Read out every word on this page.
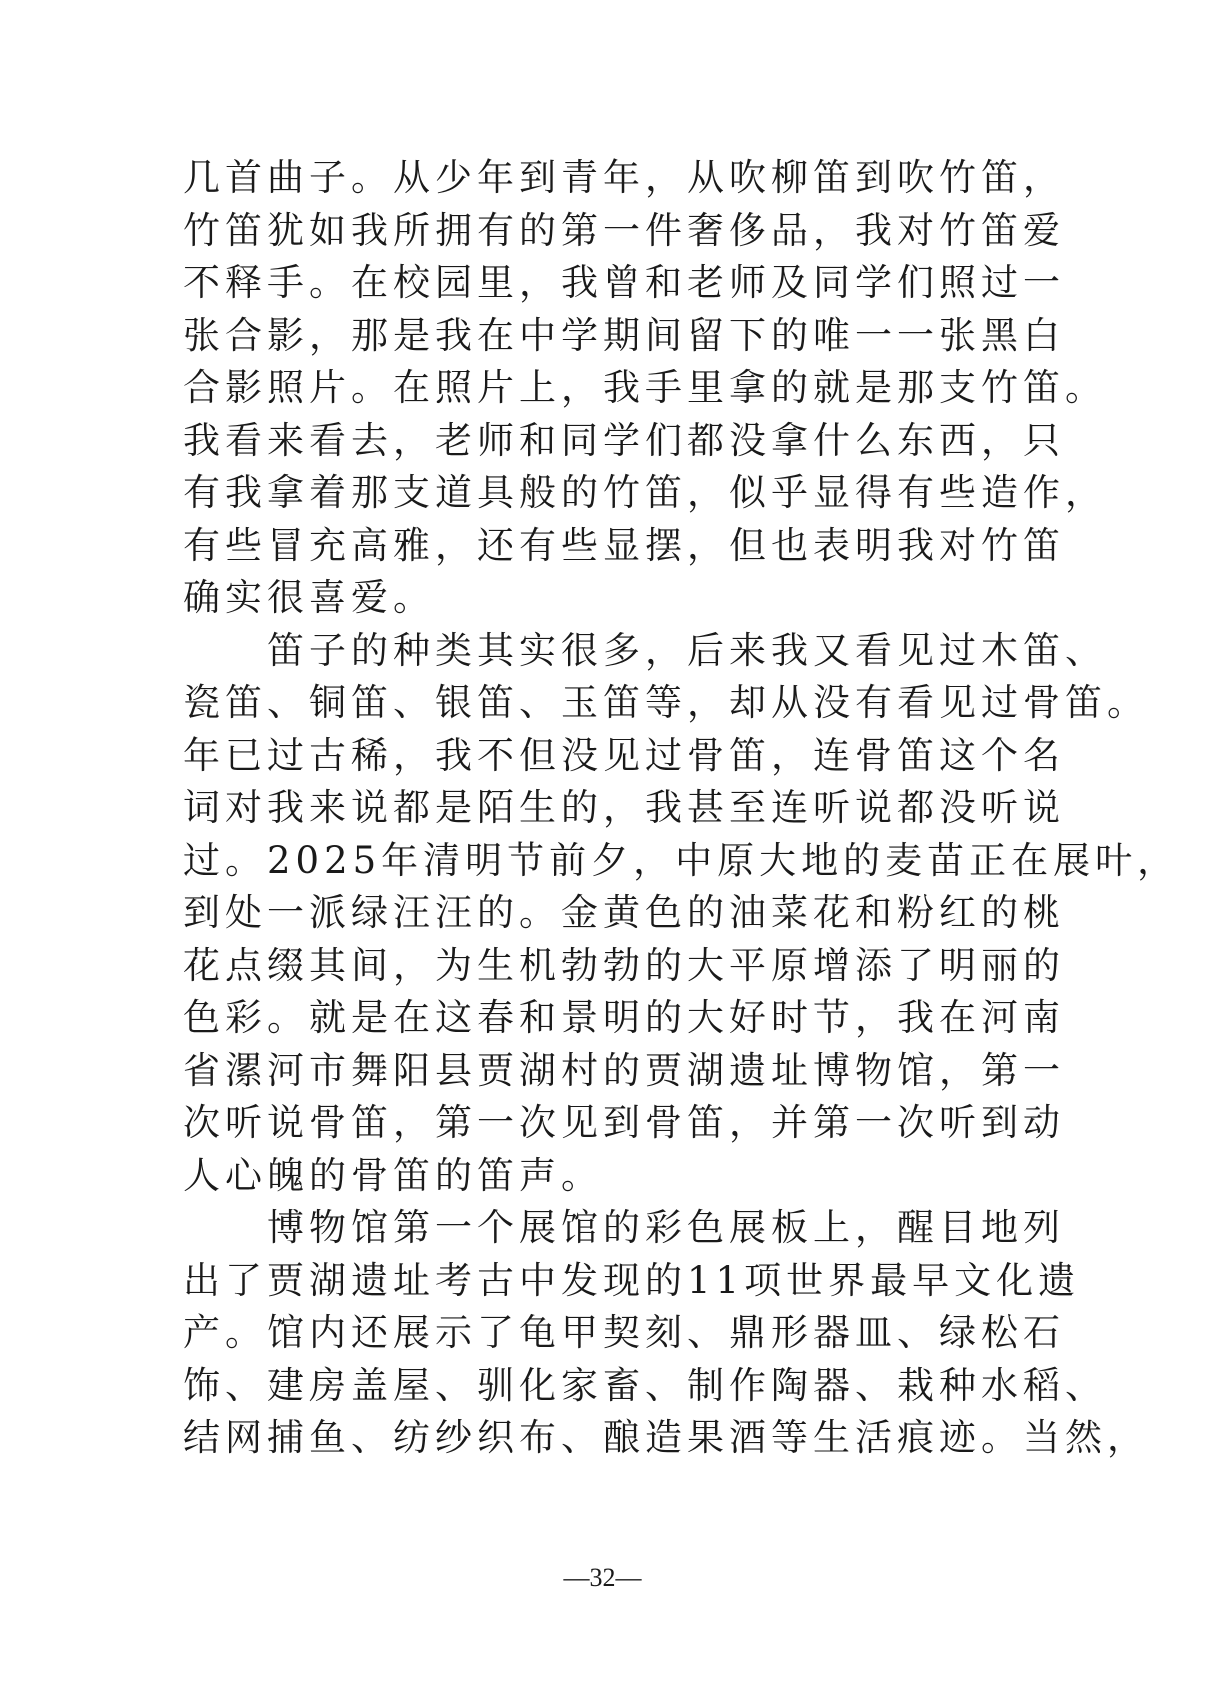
几首曲子。从少年到青年，从吹柳笛到吹竹笛，
竹笛犹如我所拥有的第一件奢侈品，我对竹笛爱
不释手。在校园里，我曾和老师及同学们照过一
张合影，那是我在中学期间留下的唯一一张黑白
合影照片。在照片上，我手里拿的就是那支竹笛。
我看来看去，老师和同学们都没拿什么东西，只
有我拿着那支道具般的竹笛，似乎显得有些造作，
有些冒充高雅，还有些显摆，但也表明我对竹笛
确实很喜爱。
　　笛子的种类其实很多，后来我又看见过木笛、
瓷笛、铜笛、银笛、玉笛等，却从没有看见过骨笛。
年已过古稀，我不但没见过骨笛，连骨笛这个名
词对我来说都是陌生的，我甚至连听说都没听说
过。2025年清明节前夕，中原大地的麦苗正在展叶，
到处一派绿汪汪的。金黄色的油菜花和粉红的桃
花点缀其间，为生机勃勃的大平原增添了明丽的
色彩。就是在这春和景明的大好时节，我在河南
省漯河市舞阳县贾湖村的贾湖遗址博物馆，第一
次听说骨笛，第一次见到骨笛，并第一次听到动
人心魄的骨笛的笛声。
　　博物馆第一个展馆的彩色展板上，醒目地列
出了贾湖遗址考古中发现的11项世界最早文化遗
产。馆内还展示了龟甲契刻、鼎形器皿、绿松石
饰、建房盖屋、驯化家畜、制作陶器、栽种水稻、
结网捕鱼、纺纱织布、酿造果酒等生活痕迹。当然，
—32—
